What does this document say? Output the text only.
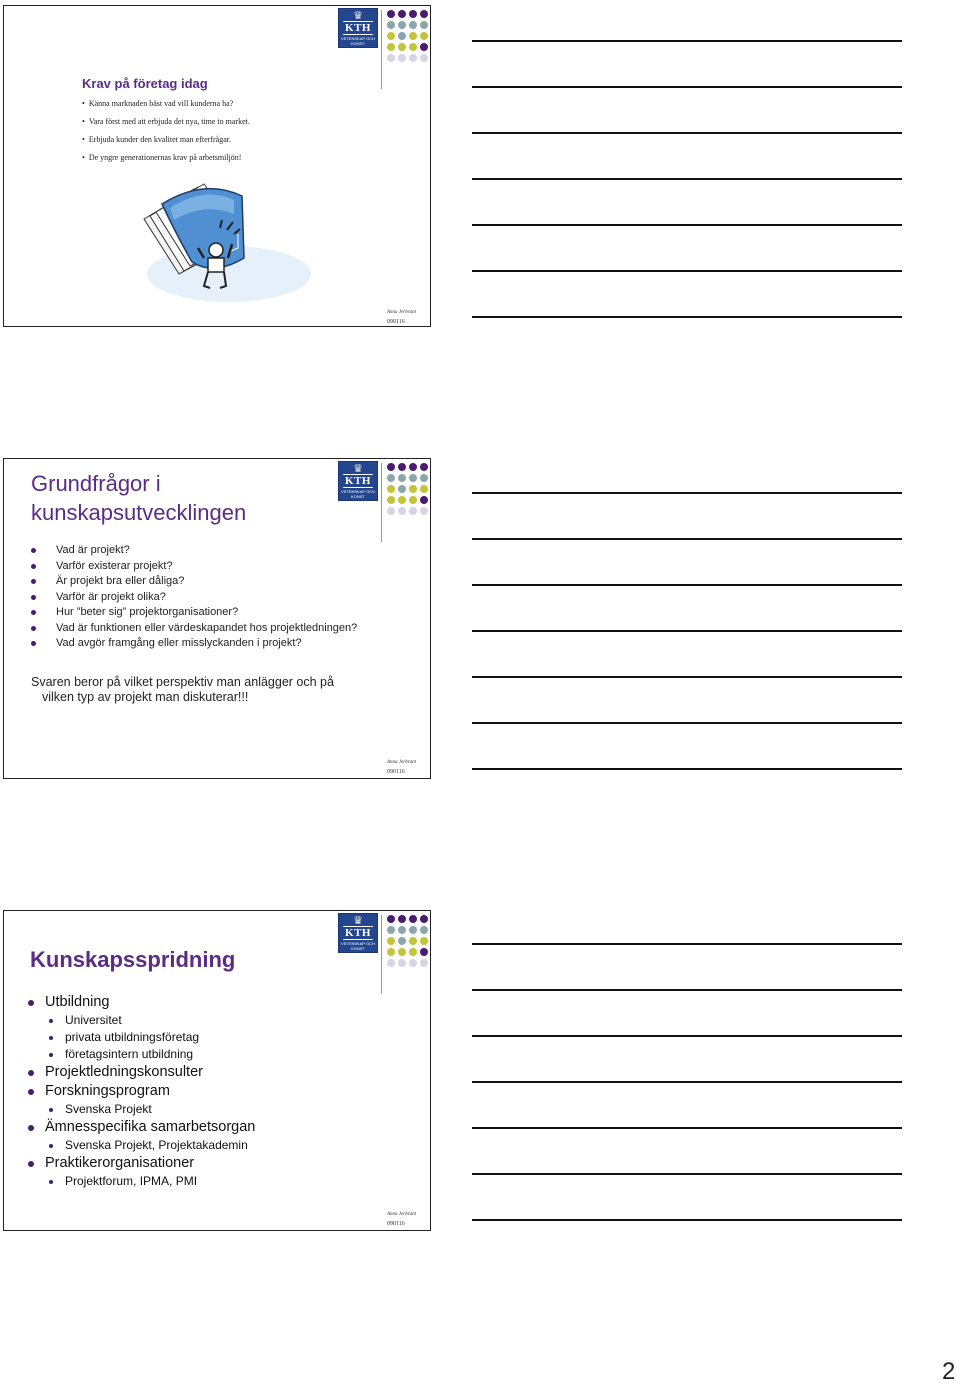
♛
KTH
VETENSKAP OCH KONST
Krav på företag idag
• Känna marknaden bäst vad vill kunderna ha?
• Vara först med att erbjuda det nya, time to market.
• Erbjuda kunder den kvalitet man efterfrågar.
• De yngre generationernas krav på arbetsmiljön!
Anna Jerbrant
090116
♛
KTH
VETENSKAP OCH KONST
Grundfrågor i
kunskapsutvecklingen
Vad är projekt?
Varför existerar projekt?
Är projekt bra eller dåliga?
Varför är projekt olika?
Hur ”beter sig” projektorganisationer?
Vad är funktionen eller värdeskapandet hos projektledningen?
Vad avgör framgång eller misslyckanden i projekt?

Svaren beror på vilket perspektiv man anlägger och på
vilken typ av projekt man diskuterar!!!

Anna Jerbrant
090116
♛
KTH
VETENSKAP OCH KONST
Kunskapsspridning
Utbildning
Universitet
privata utbildningsföretag
företagsintern utbildning
Projektledningskonsulter
Forskningsprogram
Svenska Projekt
Ämnesspecifika samarbetsorgan
Svenska Projekt, Projektakademin
Praktikerorganisationer
Projektforum, IPMA, PMI
Anna Jerbrant
090116
2
